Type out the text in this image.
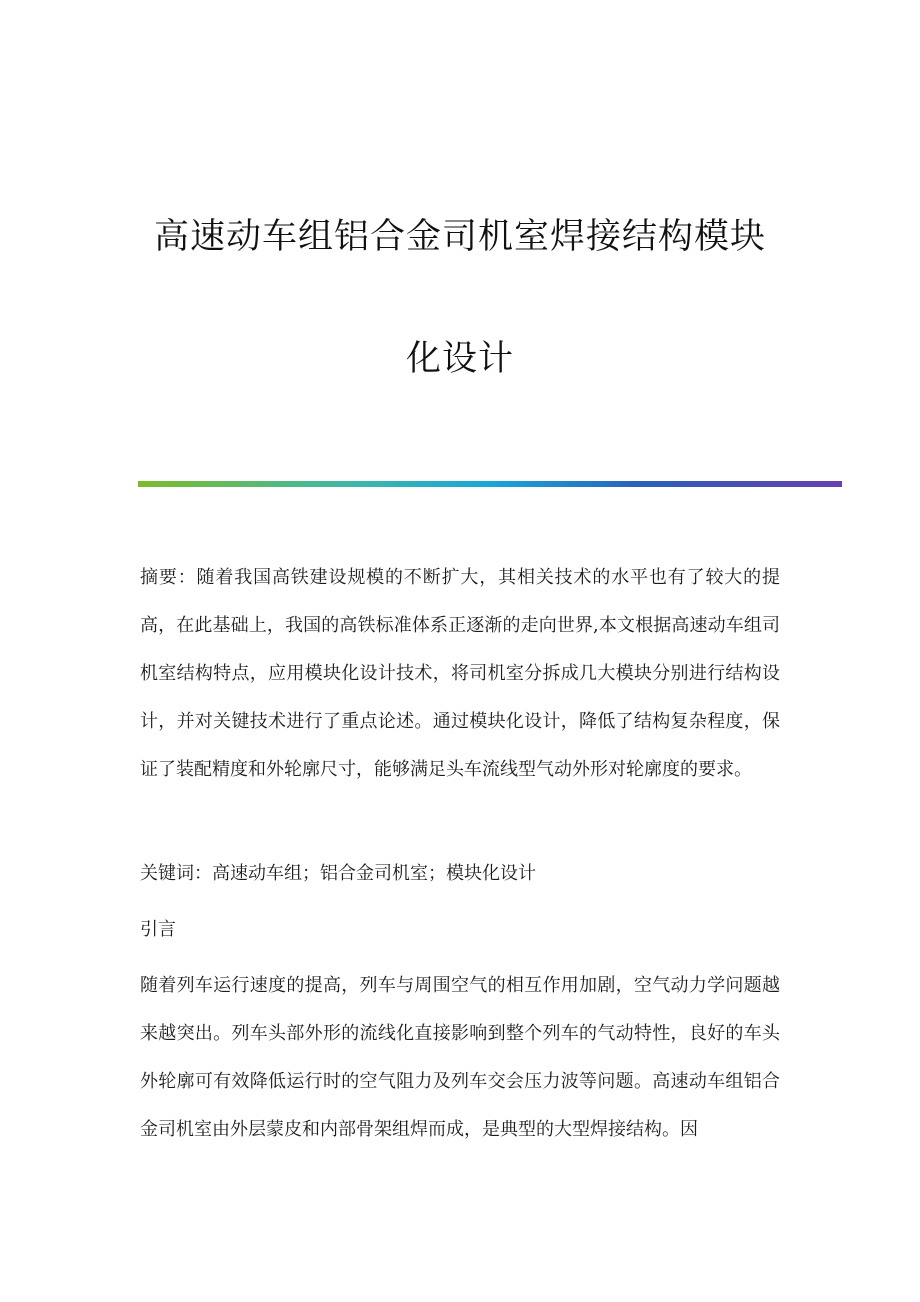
高速动车组铝合金司机室焊接结构模块
化设计

摘要：随着我国高铁建设规模的不断扩大，其相关技术的水平也有了较大的提高，在此基础上，我国的高铁标准体系正逐渐的走向世界,本文根据高速动车组司机室结构特点，应用模块化设计技术，将司机室分拆成几大模块分别进行结构设计，并对关键技术进行了重点论述。通过模块化设计，降低了结构复杂程度，保证了装配精度和外轮廓尺寸，能够满足头车流线型气动外形对轮廓度的要求。

关键词：高速动车组；铝合金司机室；模块化设计

引言

随着列车运行速度的提高，列车与周围空气的相互作用加剧，空气动力学问题越来越突出。列车头部外形的流线化直接影响到整个列车的气动特性，良好的车头外轮廓可有效降低运行时的空气阻力及列车交会压力波等问题。高速动车组铝合金司机室由外层蒙皮和内部骨架组焊而成，是典型的大型焊接结构。因
